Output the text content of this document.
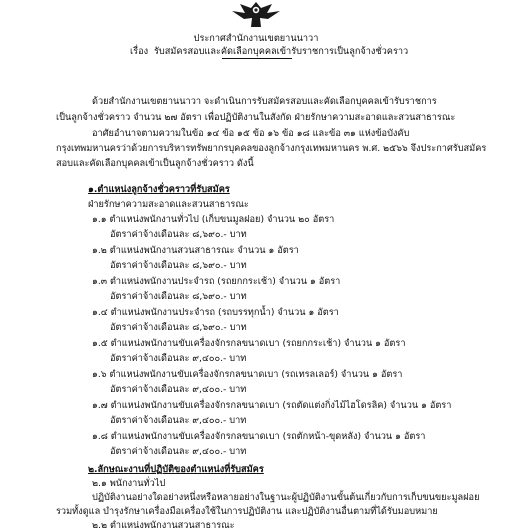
ประกาศสำนักงานเขตยานนาวา
เรื่อง รับสมัครสอบและคัดเลือกบุคคลเข้ารับราชการเป็นลูกจ้างชั่วคราว
ด้วยสำนักงานเขตยานนาวา จะดำเนินการรับสมัครสอบและคัดเลือกบุคคลเข้ารับราชการ
เป็นลูกจ้างชั่วคราว จำนวน ๒๗ อัตรา เพื่อปฏิบัติงานในสังกัด ฝ่ายรักษาความสะอาดและสวนสาธารณะ
อาศัยอำนาจตามความในข้อ ๑๔ ข้อ ๑๕ ข้อ ๑๖ ข้อ ๑๘ และข้อ ๓๑ แห่งข้อบังคับ
กรุงเทพมหานครว่าด้วยการบริหารทรัพยากรบุคคลของลูกจ้างกรุงเทพมหานคร พ.ศ. ๒๕๖๖ จึงประกาศรับสมัคร
สอบและคัดเลือกบุคคลเข้าเป็นลูกจ้างชั่วคราว ดังนี้
๑.ตำแหน่งลูกจ้างชั่วคราวที่รับสมัคร
ฝ่ายรักษาความสะอาดและสวนสาธารณะ
๑.๑ ตำแหน่งพนักงานทั่วไป (เก็บขนมูลฝอย) จำนวน ๒๐ อัตรา
อัตราค่าจ้างเดือนละ ๘,๖๙๐.- บาท
๑.๒ ตำแหน่งพนักงานสวนสาธารณะ จำนวน ๑ อัตรา
อัตราค่าจ้างเดือนละ ๘,๖๙๐.- บาท
๑.๓ ตำแหน่งพนักงานประจำรถ (รถยกกระเช้า) จำนวน ๑ อัตรา
อัตราค่าจ้างเดือนละ ๘,๖๙๐.- บาท
๑.๔ ตำแหน่งพนักงานประจำรถ (รถบรรทุกน้ำ) จำนวน ๑ อัตรา
อัตราค่าจ้างเดือนละ ๘,๖๙๐.- บาท
๑.๕ ตำแหน่งพนักงานขับเครื่องจักรกลขนาดเบา (รถยกกระเช้า) จำนวน ๑ อัตรา
อัตราค่าจ้างเดือนละ ๙,๔๐๐.- บาท
๑.๖ ตำแหน่งพนักงานขับเครื่องจักรกลขนาดเบา (รถเทรลเลอร์) จำนวน ๑ อัตรา
อัตราค่าจ้างเดือนละ ๙,๔๐๐.- บาท
๑.๗ ตำแหน่งพนักงานขับเครื่องจักรกลขนาดเบา (รถตัดแต่งกิ่งไม้ไฮโดรลิค) จำนวน ๑ อัตรา
อัตราค่าจ้างเดือนละ ๙,๔๐๐.- บาท
๑.๘ ตำแหน่งพนักงานขับเครื่องจักรกลขนาดเบา (รถตักหน้า-ขุดหลัง) จำนวน ๑ อัตรา
อัตราค่าจ้างเดือนละ ๙,๔๐๐.- บาท
๒.ลักษณะงานที่ปฏิบัติของตำแหน่งที่รับสมัคร
๒.๑ พนักงานทั่วไป
ปฏิบัติงานอย่างใดอย่างหนึ่งหรือหลายอย่างในฐานะผู้ปฏิบัติงานขั้นต้นเกี่ยวกับการเก็บขนขยะมูลฝอย
รวมทั้งดูแล บำรุงรักษาเครื่องมือเครื่องใช้ในการปฏิบัติงาน และปฏิบัติงานอื่นตามที่ได้รับมอบหมาย
๒.๒ ตำแหน่งพนักงานสวนสาธารณะ
